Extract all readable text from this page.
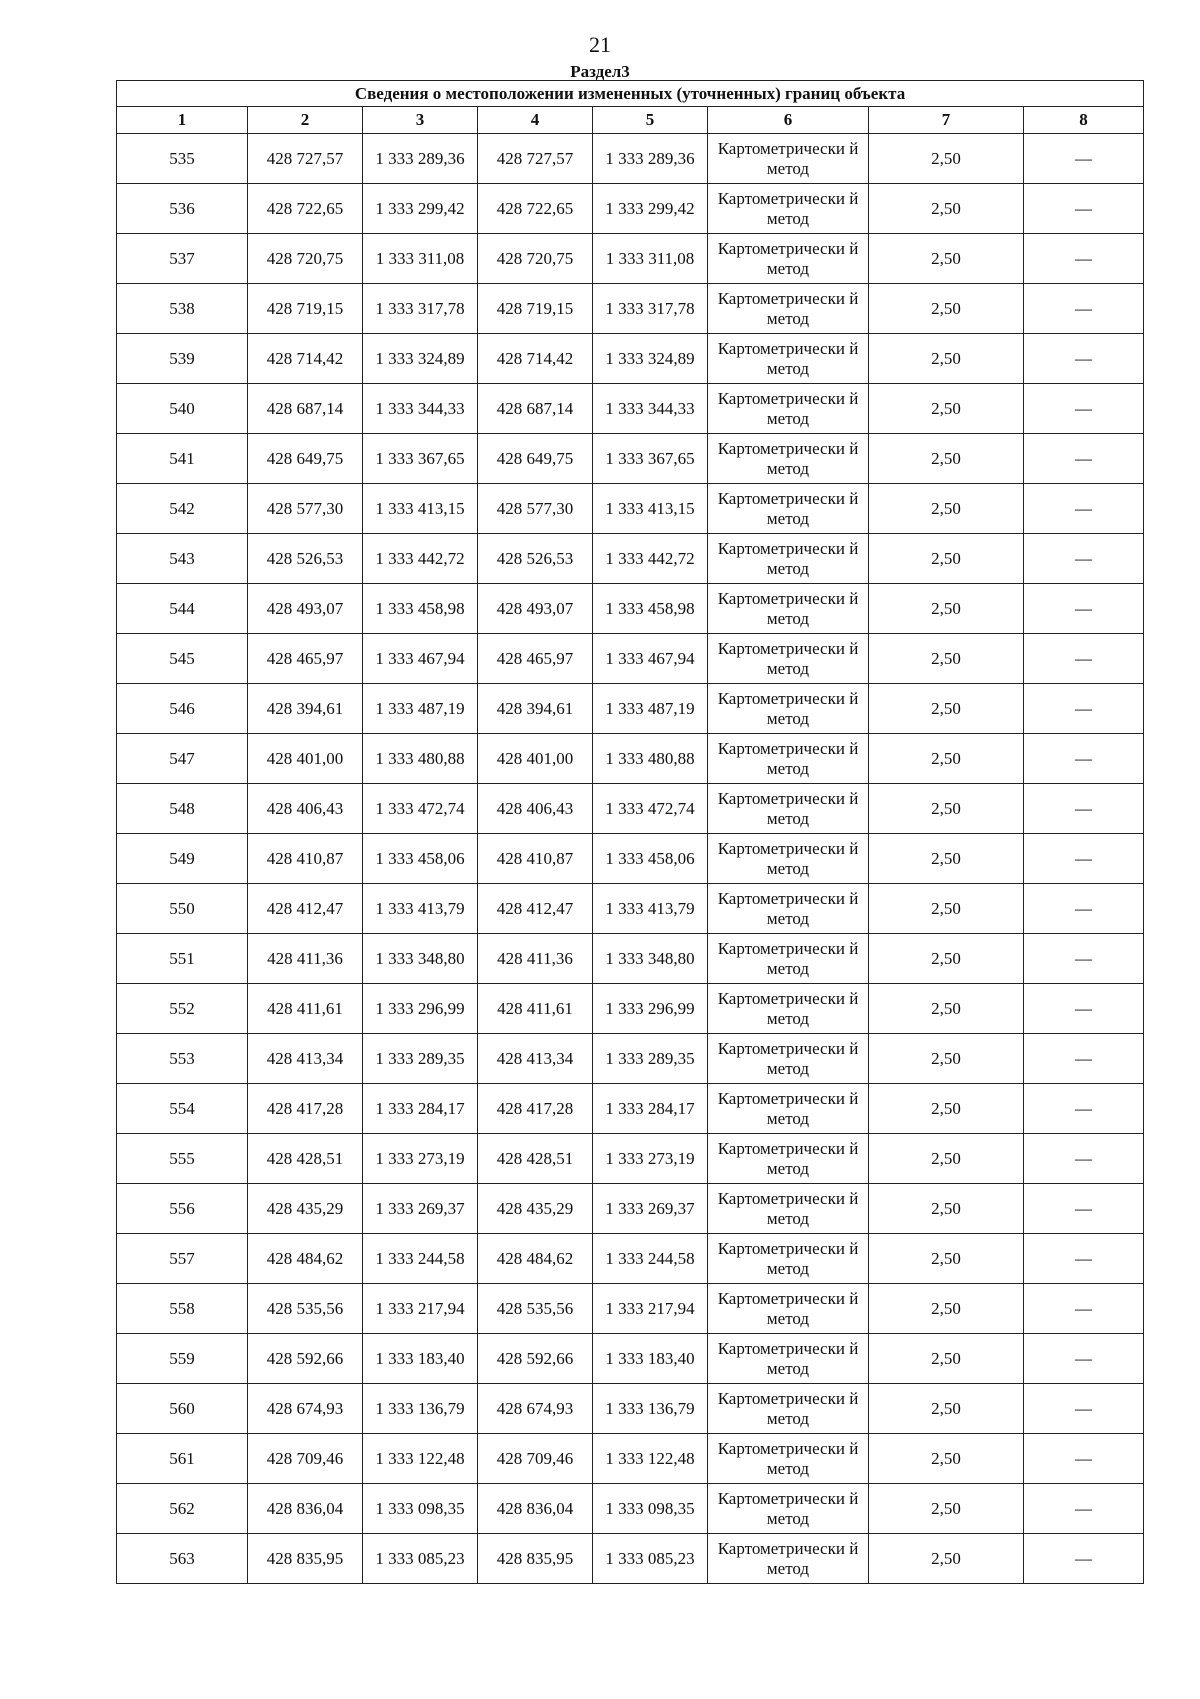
21
Раздел3
Сведения о местоположении измененных (уточненных) границ объекта							
1	2	3	4	5	6	7	8
535	428 727,57	1 333 289,36	428 727,57	1 333 289,36	Картометрически й метод	2,50	—
536	428 722,65	1 333 299,42	428 722,65	1 333 299,42	Картометрически й метод	2,50	—
537	428 720,75	1 333 311,08	428 720,75	1 333 311,08	Картометрически й метод	2,50	—
538	428 719,15	1 333 317,78	428 719,15	1 333 317,78	Картометрически й метод	2,50	—
539	428 714,42	1 333 324,89	428 714,42	1 333 324,89	Картометрически й метод	2,50	—
540	428 687,14	1 333 344,33	428 687,14	1 333 344,33	Картометрически й метод	2,50	—
541	428 649,75	1 333 367,65	428 649,75	1 333 367,65	Картометрически й метод	2,50	—
542	428 577,30	1 333 413,15	428 577,30	1 333 413,15	Картометрически й метод	2,50	—
543	428 526,53	1 333 442,72	428 526,53	1 333 442,72	Картометрически й метод	2,50	—
544	428 493,07	1 333 458,98	428 493,07	1 333 458,98	Картометрически й метод	2,50	—
545	428 465,97	1 333 467,94	428 465,97	1 333 467,94	Картометрически й метод	2,50	—
546	428 394,61	1 333 487,19	428 394,61	1 333 487,19	Картометрически й метод	2,50	—
547	428 401,00	1 333 480,88	428 401,00	1 333 480,88	Картометрически й метод	2,50	—
548	428 406,43	1 333 472,74	428 406,43	1 333 472,74	Картометрически й метод	2,50	—
549	428 410,87	1 333 458,06	428 410,87	1 333 458,06	Картометрически й метод	2,50	—
550	428 412,47	1 333 413,79	428 412,47	1 333 413,79	Картометрически й метод	2,50	—
551	428 411,36	1 333 348,80	428 411,36	1 333 348,80	Картометрически й метод	2,50	—
552	428 411,61	1 333 296,99	428 411,61	1 333 296,99	Картометрически й метод	2,50	—
553	428 413,34	1 333 289,35	428 413,34	1 333 289,35	Картометрически й метод	2,50	—
554	428 417,28	1 333 284,17	428 417,28	1 333 284,17	Картометрически й метод	2,50	—
555	428 428,51	1 333 273,19	428 428,51	1 333 273,19	Картометрически й метод	2,50	—
556	428 435,29	1 333 269,37	428 435,29	1 333 269,37	Картометрически й метод	2,50	—
557	428 484,62	1 333 244,58	428 484,62	1 333 244,58	Картометрически й метод	2,50	—
558	428 535,56	1 333 217,94	428 535,56	1 333 217,94	Картометрически й метод	2,50	—
559	428 592,66	1 333 183,40	428 592,66	1 333 183,40	Картометрически й метод	2,50	—
560	428 674,93	1 333 136,79	428 674,93	1 333 136,79	Картометрически й метод	2,50	—
561	428 709,46	1 333 122,48	428 709,46	1 333 122,48	Картометрически й метод	2,50	—
562	428 836,04	1 333 098,35	428 836,04	1 333 098,35	Картометрически й метод	2,50	—
563	428 835,95	1 333 085,23	428 835,95	1 333 085,23	Картометрически й метод	2,50	—
